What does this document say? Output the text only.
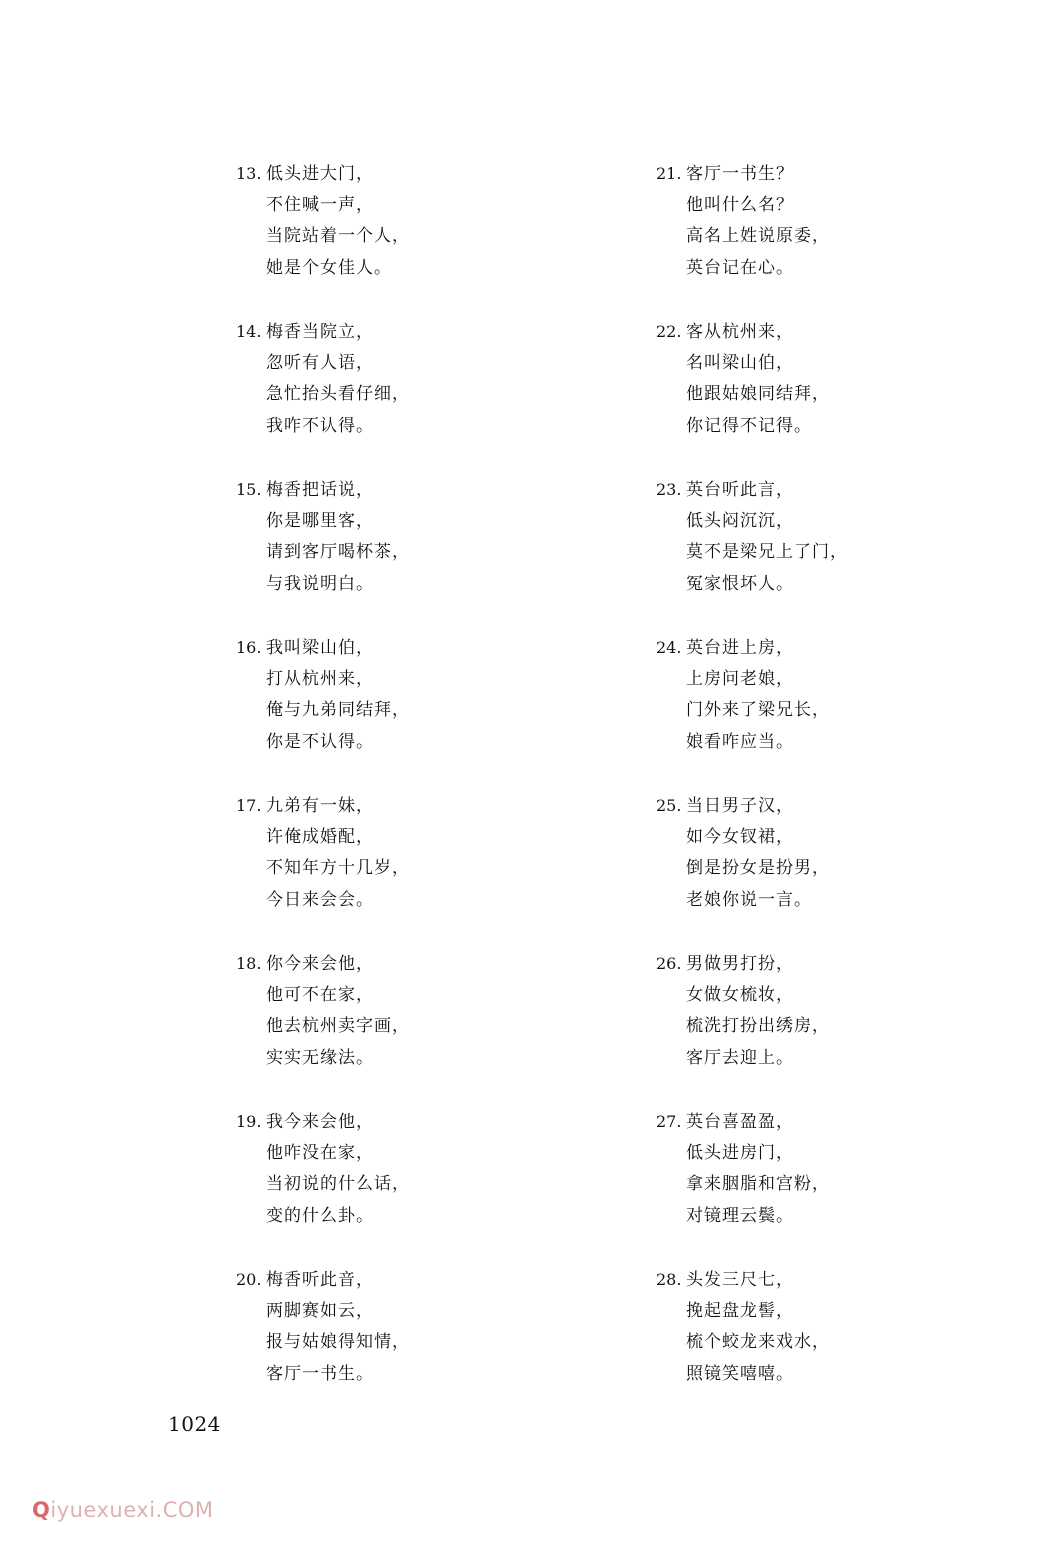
13. 低头进大门，
不住喊一声，
当院站着一个人，
她是个女佳人。
14. 梅香当院立，
忽听有人语，
急忙抬头看仔细，
我咋不认得。
15. 梅香把话说，
你是哪里客，
请到客厅喝杯茶，
与我说明白。
16. 我叫梁山伯，
打从杭州来，
俺与九弟同结拜，
你是不认得。
17. 九弟有一妹，
许俺成婚配，
不知年方十几岁，
今日来会会。
18. 你今来会他，
他可不在家，
他去杭州卖字画，
实实无缘法。
19. 我今来会他，
他咋没在家，
当初说的什么话，
变的什么卦。
20. 梅香听此音，
两脚赛如云，
报与姑娘得知情，
客厅一书生。
21. 客厅一书生？
他叫什么名？
高名上姓说原委，
英台记在心。
22. 客从杭州来，
名叫梁山伯，
他跟姑娘同结拜，
你记得不记得。
23. 英台听此言，
低头闷沉沉，
莫不是梁兄上了门，
冤家恨坏人。
24. 英台进上房，
上房问老娘，
门外来了梁兄长，
娘看咋应当。
25. 当日男子汉，
如今女钗裙，
倒是扮女是扮男，
老娘你说一言。
26. 男做男打扮，
女做女梳妆，
梳洗打扮出绣房，
客厅去迎上。
27. 英台喜盈盈，
低头进房门，
拿来胭脂和宫粉，
对镜理云鬓。
28. 头发三尺七，
挽起盘龙髻，
梳个蛟龙来戏水，
照镜笑嘻嘻。
1024
Qiyuexuexi.COM
